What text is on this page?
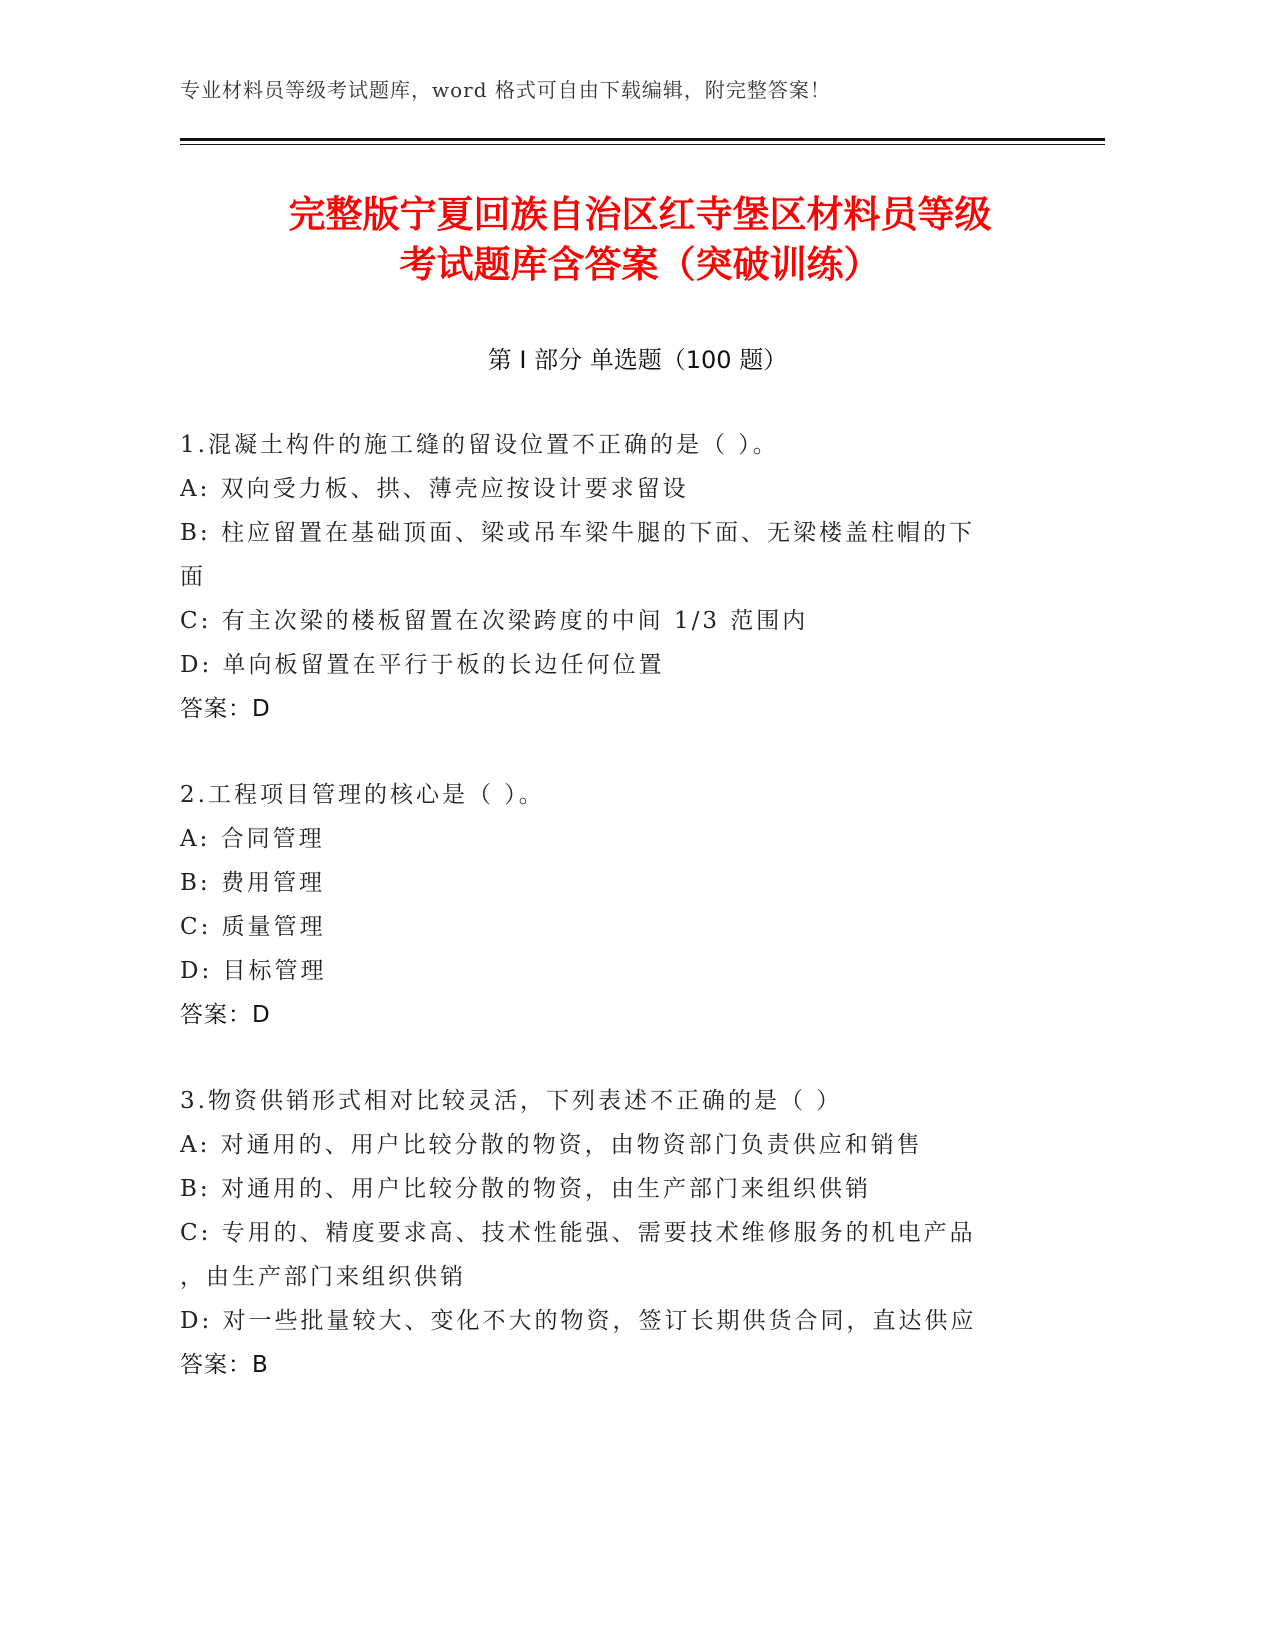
专业材料员等级考试题库，word 格式可自由下载编辑，附完整答案！
完整版宁夏回族自治区红寺堡区材料员等级
考试题库含答案（突破训练）
第 I 部分 单选题（100 题）
1.混凝土构件的施工缝的留设位置不正确的是（ ）。
A: 双向受力板、拱、薄壳应按设计要求留设
B: 柱应留置在基础顶面、梁或吊车梁牛腿的下面、无梁楼盖柱帽的下
面
C: 有主次梁的楼板留置在次梁跨度的中间 1/3 范围内
D: 单向板留置在平行于板的长边任何位置
答案：D
2.工程项目管理的核心是（ ）。
A: 合同管理
B: 费用管理
C: 质量管理
D: 目标管理
答案：D
3.物资供销形式相对比较灵活，下列表述不正确的是（ ）
A: 对通用的、用户比较分散的物资，由物资部门负责供应和销售
B: 对通用的、用户比较分散的物资，由生产部门来组织供销
C: 专用的、精度要求高、技术性能强、需要技术维修服务的机电产品
，由生产部门来组织供销
D: 对一些批量较大、变化不大的物资，签订长期供货合同，直达供应
答案：B
